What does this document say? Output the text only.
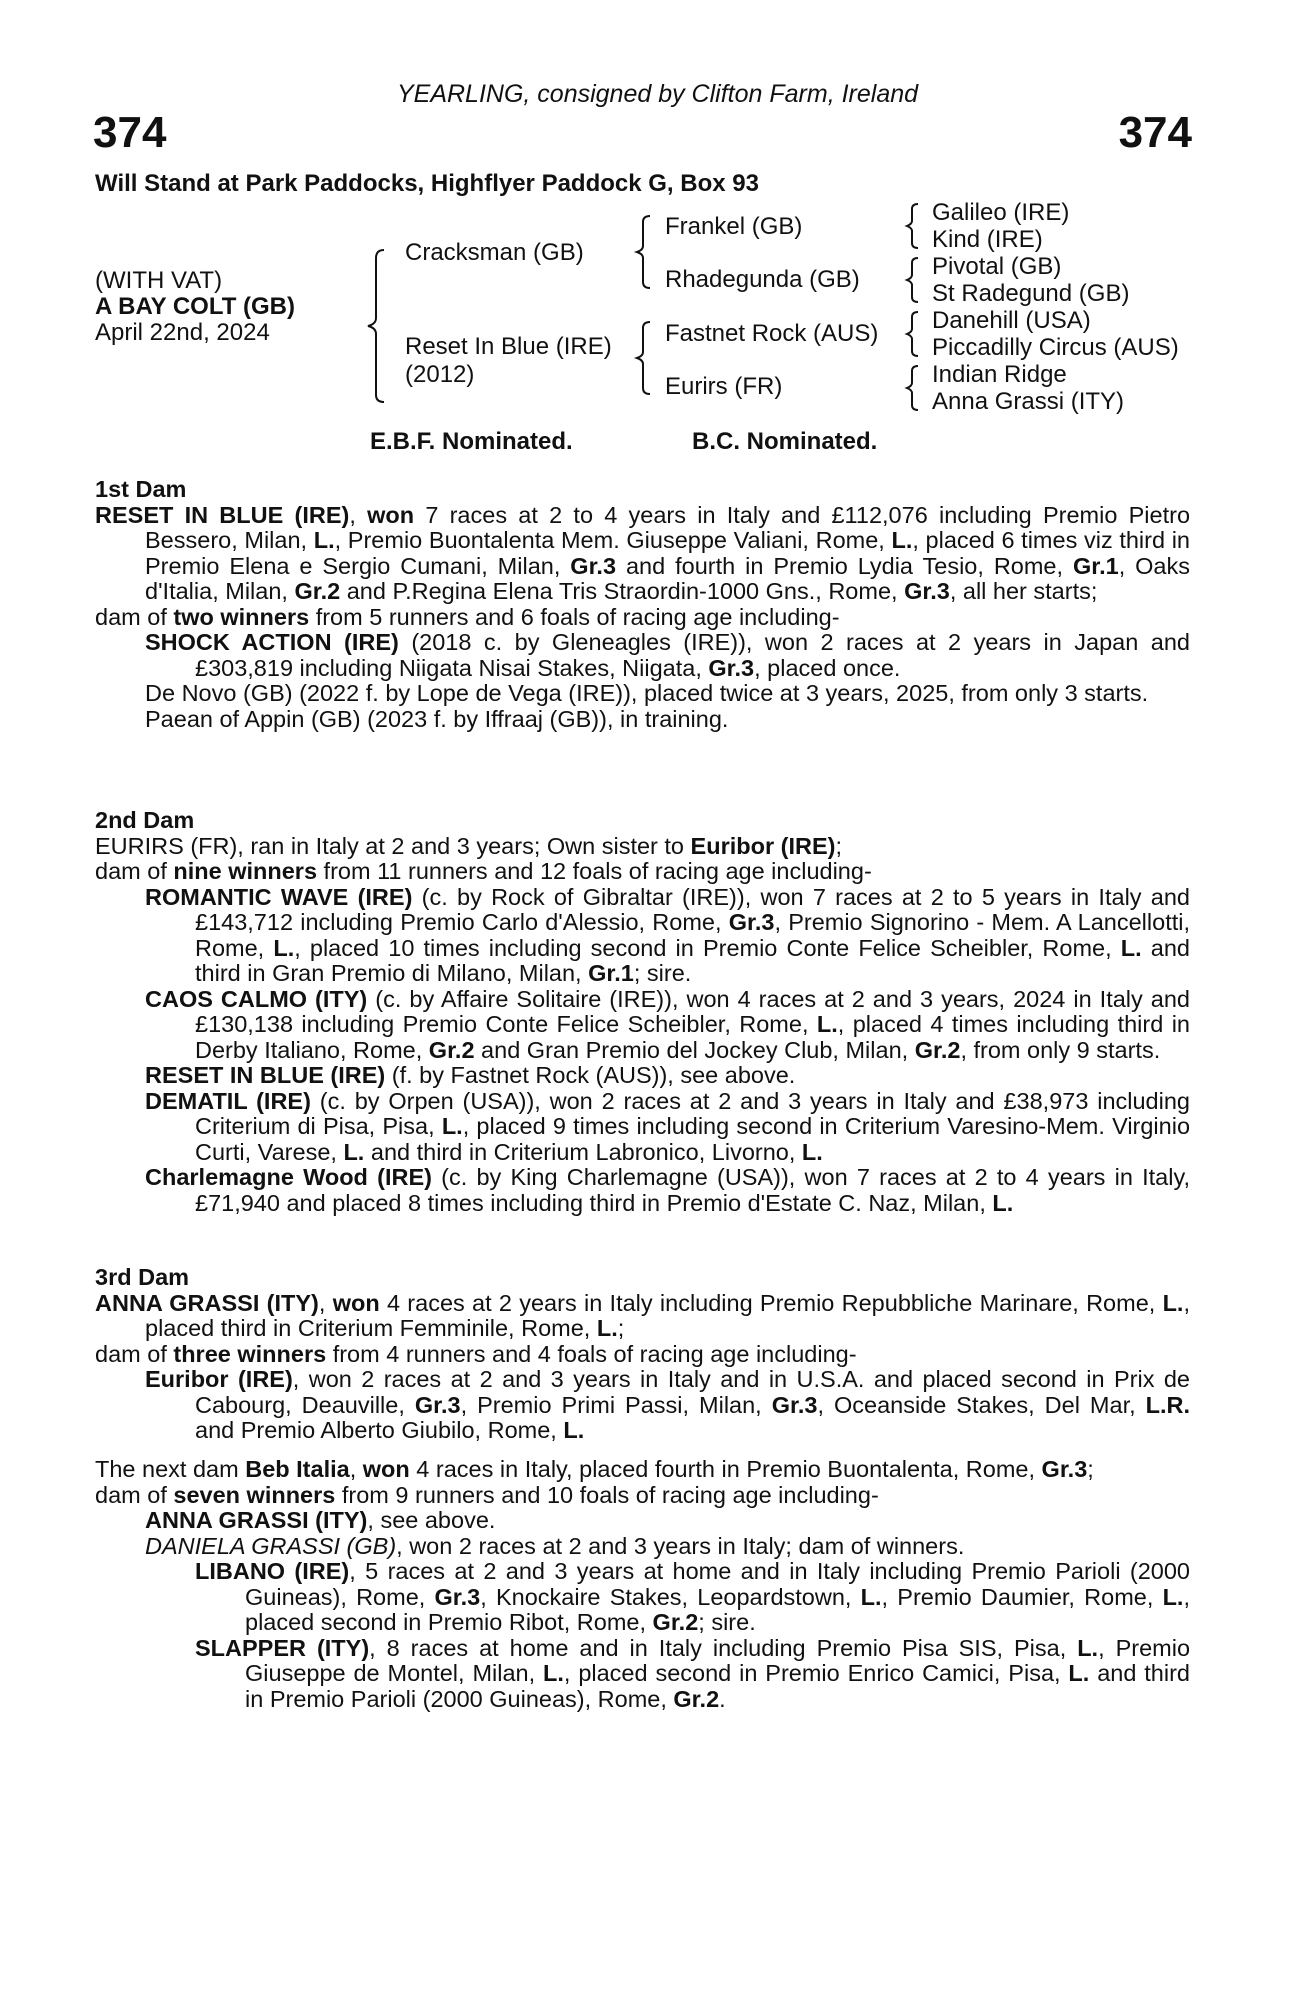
YEARLING, consigned by Clifton Farm, Ireland
374	374
Will Stand at Park Paddocks, Highflyer Paddock G, Box 93
(WITH VAT)
A BAY COLT (GB)
April 22nd, 2024
Cracksman (GB)
Reset In Blue (IRE)
(2012)
Frankel (GB)
Rhadegunda (GB)
Fastnet Rock (AUS)
Eurirs (FR)
Galileo (IRE)
Kind (IRE)
Pivotal (GB)
St Radegund (GB)
Danehill (USA)
Piccadilly Circus (AUS)
Indian Ridge
Anna Grassi (ITY)
E.B.F. Nominated.	B.C. Nominated.

1st Dam

RESET IN BLUE (IRE), won 7 races at 2 to 4 years in Italy and £112,076 including Premio Pietro Bessero, Milan, L., Premio Buontalenta Mem. Giuseppe Valiani, Rome, L., placed 6 times viz third in Premio Elena e Sergio Cumani, Milan, Gr.3 and fourth in Premio Lydia Tesio, Rome, Gr.1, Oaks d'Italia, Milan, Gr.2 and P.Regina Elena Tris Straordin-1000 Gns., Rome, Gr.3, all her starts;

dam of two winners from 5 runners and 6 foals of racing age including-

SHOCK ACTION (IRE) (2018 c. by Gleneagles (IRE)), won 2 races at 2 years in Japan and £303,819 including Niigata Nisai Stakes, Niigata, Gr.3, placed once.

De Novo (GB) (2022 f. by Lope de Vega (IRE)), placed twice at 3 years, 2025, from only 3 starts.

Paean of Appin (GB) (2023 f. by Iffraaj (GB)), in training.

2nd Dam

EURIRS (FR), ran in Italy at 2 and 3 years; Own sister to Euribor (IRE);

dam of nine winners from 11 runners and 12 foals of racing age including-

ROMANTIC WAVE (IRE) (c. by Rock of Gibraltar (IRE)), won 7 races at 2 to 5 years in Italy and £143,712 including Premio Carlo d'Alessio, Rome, Gr.3, Premio Signorino - Mem. A Lancellotti, Rome, L., placed 10 times including second in Premio Conte Felice Scheibler, Rome, L. and third in Gran Premio di Milano, Milan, Gr.1; sire.

CAOS CALMO (ITY) (c. by Affaire Solitaire (IRE)), won 4 races at 2 and 3 years, 2024 in Italy and £130,138 including Premio Conte Felice Scheibler, Rome, L., placed 4 times including third in Derby Italiano, Rome, Gr.2 and Gran Premio del Jockey Club, Milan, Gr.2, from only 9 starts.

RESET IN BLUE (IRE) (f. by Fastnet Rock (AUS)), see above.

DEMATIL (IRE) (c. by Orpen (USA)), won 2 races at 2 and 3 years in Italy and £38,973 including Criterium di Pisa, Pisa, L., placed 9 times including second in Criterium Varesino-Mem. Virginio Curti, Varese, L. and third in Criterium Labronico, Livorno, L.

Charlemagne Wood (IRE) (c. by King Charlemagne (USA)), won 7 races at 2 to 4 years in Italy, £71,940 and placed 8 times including third in Premio d'Estate C. Naz, Milan, L.

3rd Dam

ANNA GRASSI (ITY), won 4 races at 2 years in Italy including Premio Repubbliche Marinare, Rome, L., placed third in Criterium Femminile, Rome, L.;

dam of three winners from 4 runners and 4 foals of racing age including-

Euribor (IRE), won 2 races at 2 and 3 years in Italy and in U.S.A. and placed second in Prix de Cabourg, Deauville, Gr.3, Premio Primi Passi, Milan, Gr.3, Oceanside Stakes, Del Mar, L.R. and Premio Alberto Giubilo, Rome, L.

The next dam Beb Italia, won 4 races in Italy, placed fourth in Premio Buontalenta, Rome, Gr.3;

dam of seven winners from 9 runners and 10 foals of racing age including-

ANNA GRASSI (ITY), see above.

DANIELA GRASSI (GB), won 2 races at 2 and 3 years in Italy; dam of winners.

LIBANO (IRE), 5 races at 2 and 3 years at home and in Italy including Premio Parioli (2000 Guineas), Rome, Gr.3, Knockaire Stakes, Leopardstown, L., Premio Daumier, Rome, L., placed second in Premio Ribot, Rome, Gr.2; sire.

SLAPPER (ITY), 8 races at home and in Italy including Premio Pisa SIS, Pisa, L., Premio Giuseppe de Montel, Milan, L., placed second in Premio Enrico Camici, Pisa, L. and third in Premio Parioli (2000 Guineas), Rome, Gr.2.
